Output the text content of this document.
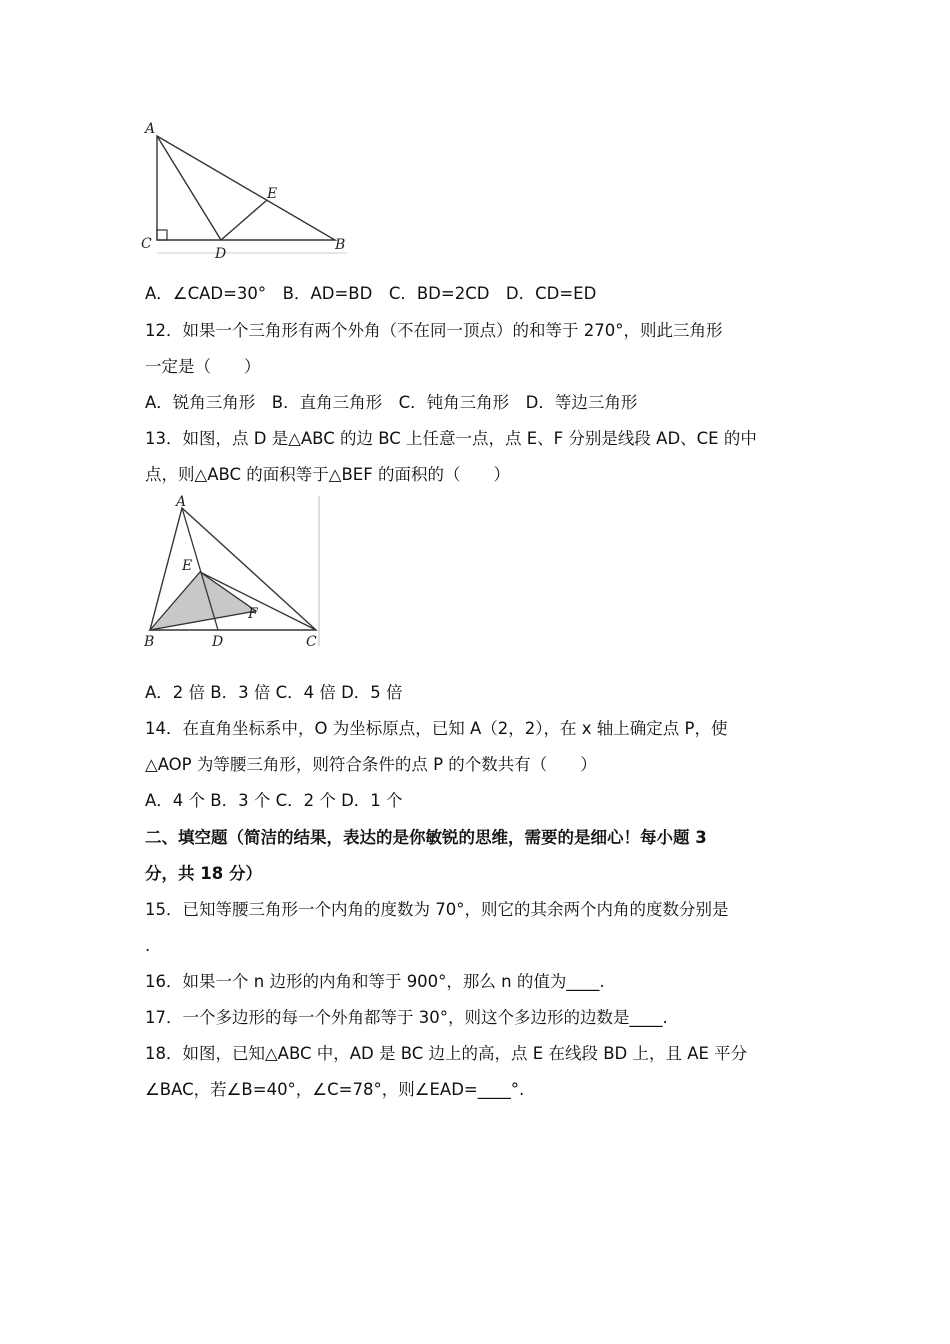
A
C
D
B
E
A．∠CAD=30°　B．AD=BD　C．BD=2CD　D．CD=ED
12．如果一个三角形有两个外角（不在同一顶点）的和等于 270°，则此三角形
一定是（　　）
A．锐角三角形　B．直角三角形　C．钝角三角形　D．等边三角形
13．如图，点 D 是△ABC 的边 BC 上任意一点，点 E、F 分别是线段 AD、CE 的中
点，则△ABC 的面积等于△BEF 的面积的（　　）
A
E
F
B	D	C
A．2 倍 B．3 倍 C．4 倍 D．5 倍
14．在直角坐标系中，O 为坐标原点，已知 A（2，2），在 x 轴上确定点 P，使
△AOP 为等腰三角形，则符合条件的点 P 的个数共有（　　）
A．4 个 B．3 个 C．2 个 D．1 个
二、填空题（简洁的结果，表达的是你敏锐的思维，需要的是细心！每小题 3
分，共 18 分）
15．已知等腰三角形一个内角的度数为 70°，则它的其余两个内角的度数分别是
.
16．如果一个 n 边形的内角和等于 900°，那么 n 的值为____.
17．一个多边形的每一个外角都等于 30°，则这个多边形的边数是____.
18．如图，已知△ABC 中，AD 是 BC 边上的高，点 E 在线段 BD 上，且 AE 平分
∠BAC，若∠B=40°，∠C=78°，则∠EAD=____°.
